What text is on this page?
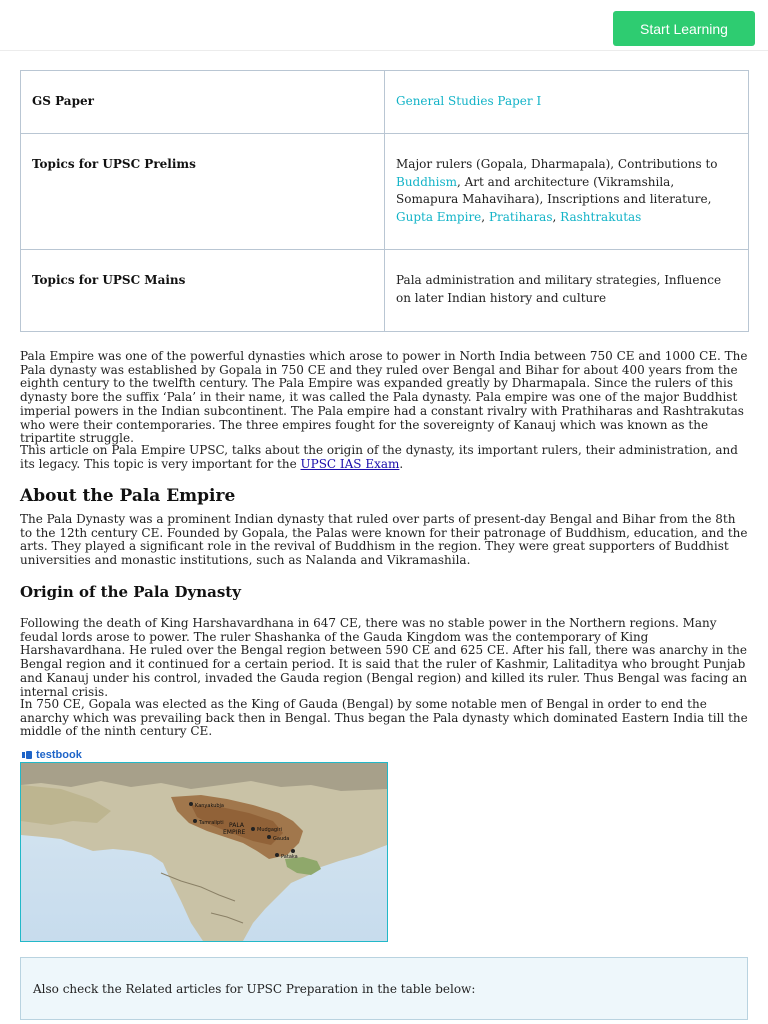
Start Learning
GS Paper	General Studies Paper I
Topics for UPSC Prelims	Major rulers (Gopala, Dharmapala), Contributions to Buddhism, Art and architecture (Vikramshila, Somapura Mahavihara), Inscriptions and literature, Gupta Empire, Pratiharas, Rashtrakutas
Topics for UPSC Mains	Pala administration and military strategies, Influence on later Indian history and culture

Pala Empire was one of the powerful dynasties which arose to power in North India between 750 CE and 1000 CE. The Pala dynasty was established by Gopala in 750 CE and they ruled over Bengal and Bihar for about 400 years from the eighth century to the twelfth century. The Pala Empire was expanded greatly by Dharmapala. Since the rulers of this dynasty bore the suffix ‘Pala’ in their name, it was called the Pala dynasty. Pala empire was one of the major Buddhist imperial powers in the Indian subcontinent. The Pala empire had a constant rivalry with Prathiharas and Rashtrakutas who were their contemporaries. The three empires fought for the sovereignty of Kanauj which was known as the tripartite struggle.

This article on Pala Empire UPSC, talks about the origin of the dynasty, its important rulers, their administration, and its legacy. This topic is very important for the UPSC IAS Exam.

About the Pala Empire

The Pala Dynasty was a prominent Indian dynasty that ruled over parts of present-day Bengal and Bihar from the 8th to the 12th century CE. Founded by Gopala, the Palas were known for their patronage of Buddhism, education, and the arts. They played a significant role in the revival of Buddhism in the region. They were great supporters of Buddhist universities and monastic institutions, such as Nalanda and Vikramashila.

Origin of the Pala Dynasty

Following the death of King Harshavardhana in 647 CE, there was no stable power in the Northern regions. Many feudal lords arose to power. The ruler Shashanka of the Gauda Kingdom was the contemporary of King Harshavardhana. He ruled over the Bengal region between 590 CE and 625 CE. After his fall, there was anarchy in the Bengal region and it continued for a certain period. It is said that the ruler of Kashmir, Lalitaditya who brought Punjab and Kanauj under his control, invaded the Gauda region (Bengal region) and killed its ruler. Thus Bengal was facing an internal crisis.

In 750 CE, Gopala was elected as the King of Gauda (Bengal) by some notable men of Bengal in order to end the anarchy which was prevailing back then in Bengal. Thus began the Pala dynasty which dominated Eastern India till the middle of the ninth century CE.

testbook
Kanyakubja
PALA
EMPIRE Mudgagiri
Gauda
Tamralipti
Pataka
Also check the Related articles for UPSC Preparation in the table below:
